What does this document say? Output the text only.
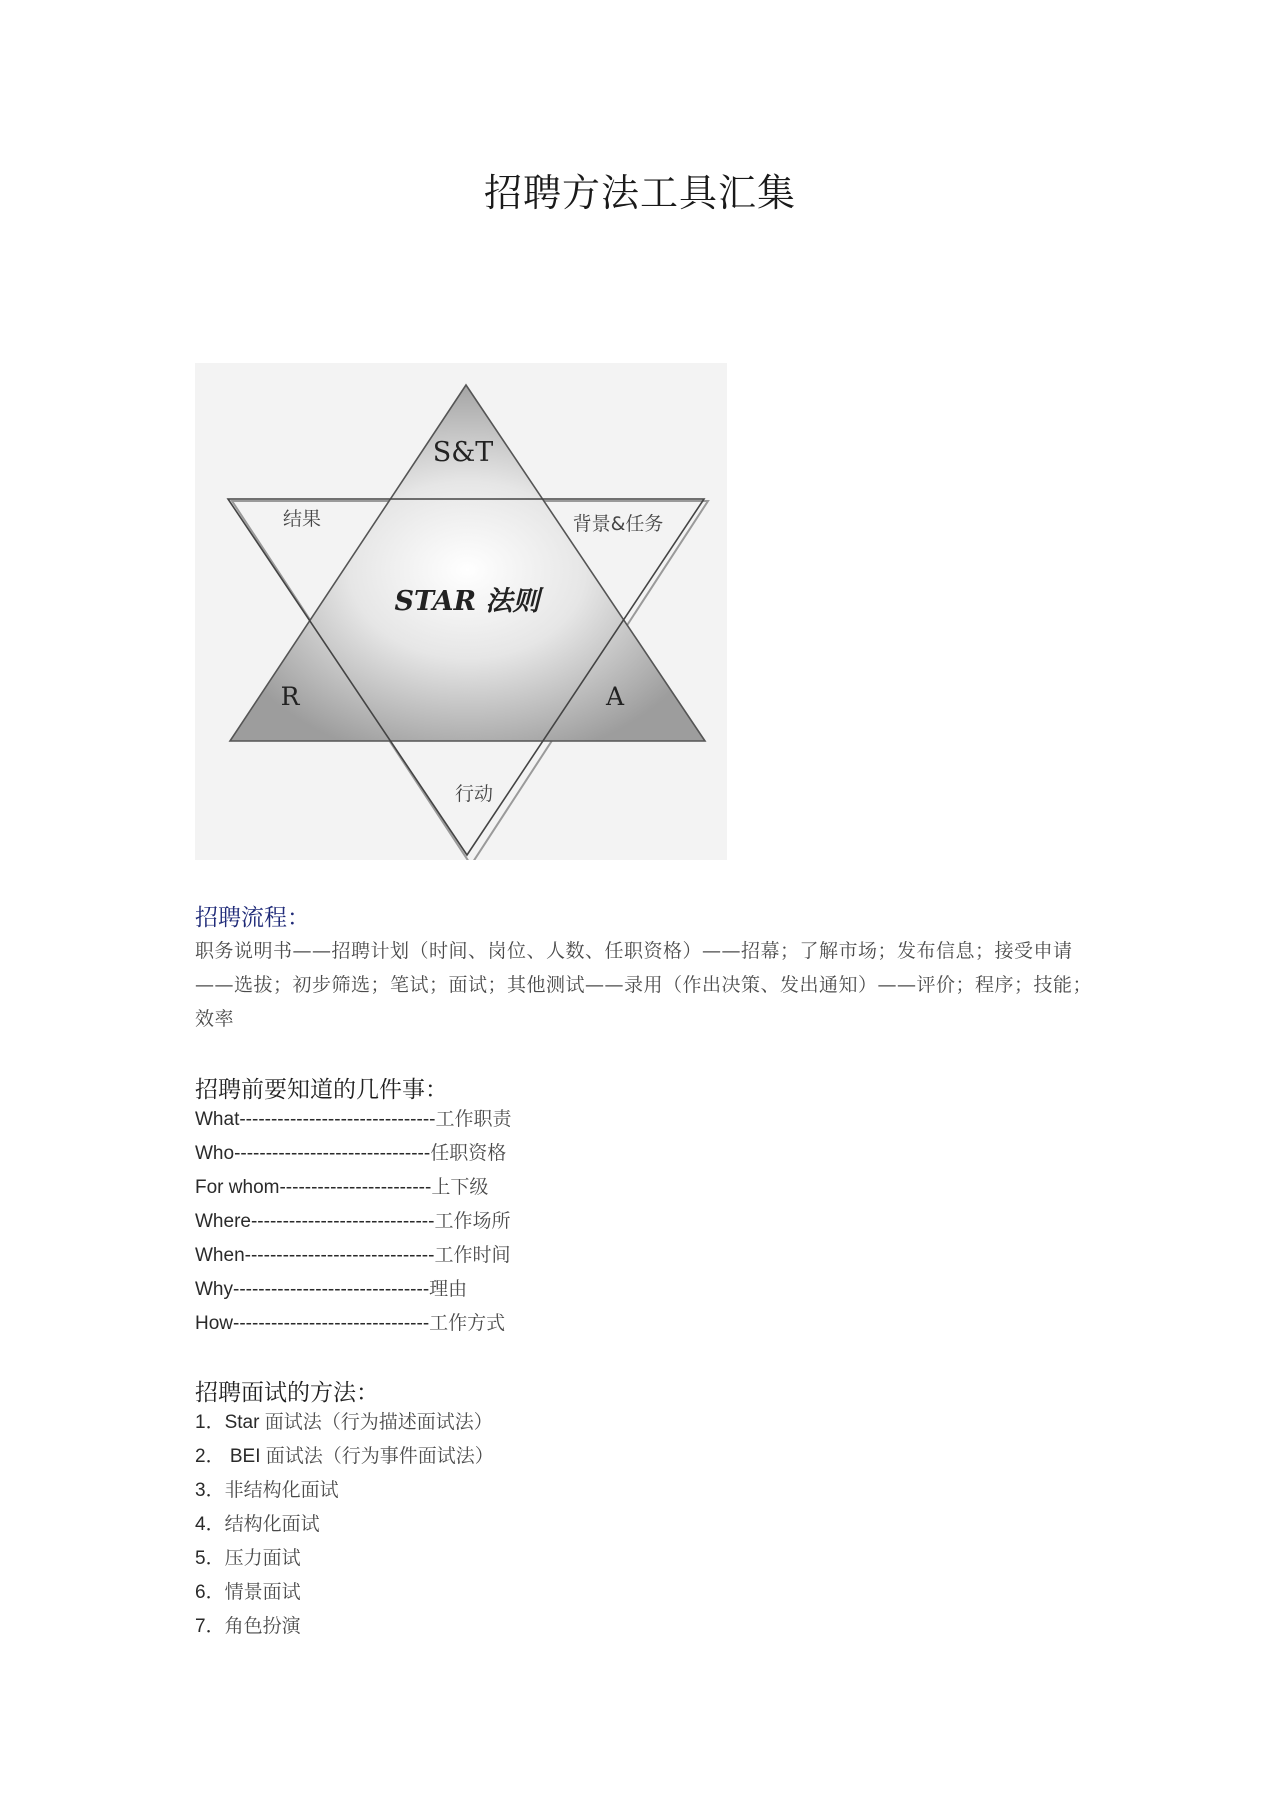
招聘方法工具汇集
S&T
结果	背景&任务
STAR 法则
R	A
行动
招聘流程：
职务说明书——招聘计划（时间、岗位、人数、任职资格）——招幕；了解市场；发布信息；接受申请——选拔；初步筛选；笔试；面试；其他测试——录用（作出决策、发出通知）——评价；程序；技能；效率
招聘前要知道的几件事：
What-------------------------------工作职责
Who-------------------------------任职资格
For whom------------------------上下级
Where-----------------------------工作场所
When------------------------------工作时间
Why-------------------------------理由
How-------------------------------工作方式
招聘面试的方法：
1．Star 面试法（行为描述面试法）
2． BEI 面试法（行为事件面试法）
3．非结构化面试
4．结构化面试
5．压力面试
6．情景面试
7．角色扮演
